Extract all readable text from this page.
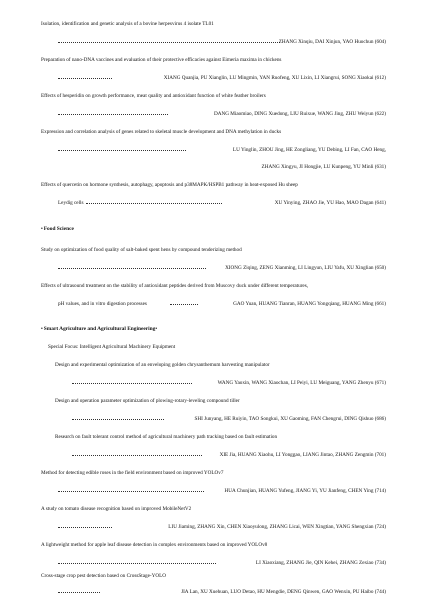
Isolation, identification and genetic analysis of a bovine herpesvirus 4 isolate TL01
ZHANG Xinqiu, DAI Xinjun, YAO Huochun (604)
Preparation of nano-DNA vaccines and evaluation of their protective efficacies against Eimeria maxima in chickens
XIANG Quanjia, PU Xianglin, LU Mingmin, YAN Ruofeng, XU Lixin, LI Xiangrui, SONG Xiaokai (612)
Effects of hesperidin on growth performance, meat quality and antioxidant function of white feather broilers
DANG Miaomiao, DING Xuedong, LIU Ruixue, WANG Jing, ZHU Weiyun (622)
Expression and correlation analysis of genes related to skeletal muscle development and DNA methylation in ducks
LU Yinglin, ZHOU Jing, HE Zongliang, YU Debing, LI Fan, CAO Heng,
ZHANG Xingyu, JI Hongjie, LU Kunpeng, YU Minli (631)
Effects of quercetin on hormone synthesis, autophagy, apoptosis and p38MAPK/HSPB1 pathway in heat-exposed Hu sheep
Leydig cells	XU Yinying, ZHAO Jie, YU Hao, MAO Dagan (641)
•Food Science
Study on optimization of food quality of salt-baked spent hens by compound tenderizing method
XIONG Ziqing, ZENG Xianming, LI Lingyun, LIU Yafu, XU Xinglian (650)
Effects of ultrasound treatment on the stability of antioxidant peptides derived from Muscovy duck under different temperatures,
pH values, and in vitro digestion processes	GAO Yuan, HUANG Tianran, HUANG Yongqiang, HUANG Ming (661)
•Smart Agriculture and Agricultural Engineering•
Special Focus: Intelligent Agricultural Machinery Equipment
Design and experimental optimization of an enveloping golden chrysanthemum harvesting manipulator
WANG Yaoxin, WANG Xiaochan, LI Peiyi, LU Meiguang, YANG Zhenyu (671)
Design and operation parameter optimization of plowing-rotary-leveling compound tiller
SHI Junyang, HE Ruiyin, TAO Songkui, XU Gaoming, FAN Chengrui, DING Qishuo (686)
Research on fault tolerant control method of agricultural machinery path tracking based on fault estimation
XIE Jia, HUANG Xiaohu, LI Yonggao, LIANG Jintao, ZHANG Zengmin (701)
Method for detecting edible roses in the field environment based on improved YOLOv7
HUA Chunjian, HUANG Yufeng, JIANG Yi, YU Jianfeng, CHEN Ying (714)
A study on tomato disease recognition based on improved MobileNetV2
LIU Jiaming, ZHANG Xin, CHEN Xiaoyulong, ZHANG Licai, WEN Xingtian, YANG Shengxian (724)
A lightweight method for apple leaf disease detection in complex environments based on improved YOLOv8
LI Xiaoxiang, ZHANG Jie, QIN Kehei, ZHANG Zexiao (734)
Cross-stage crop pest detection based on CrossStage-YOLO
JIA Lan, XU Xuehuan, LUO Detao, HU Mengdie, DENG Qinwen, GAO Wenxin, PU Haibo (744)
